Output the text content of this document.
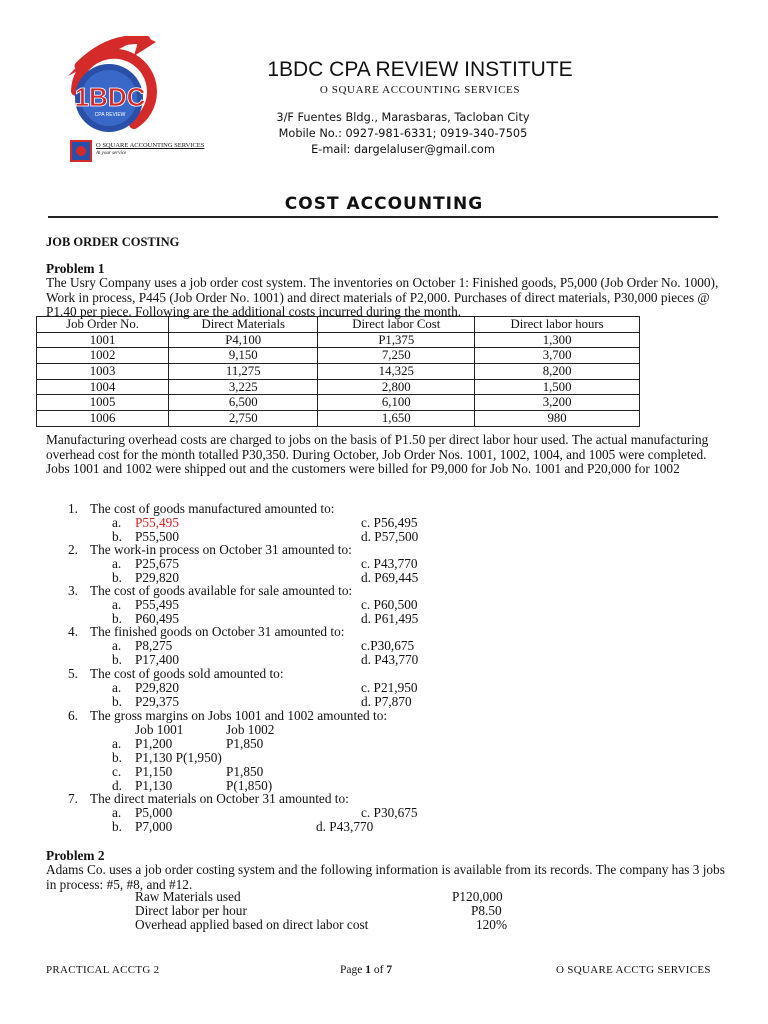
1BDC
CPA REVIEW
O SQUARE ACCOUNTING SERVICES
At your service
1BDC CPA REVIEW INSTITUTE
O SQUARE ACCOUNTING SERVICES
3/F Fuentes Bldg., Marasbaras, Tacloban City
Mobile No.: 0927-981-6331; 0919-340-7505
E-mail: dargelaluser@gmail.com
COST ACCOUNTING
JOB ORDER COSTING
Problem 1
The Usry Company uses a job order cost system. The inventories on October 1: Finished goods, P5,000 (Job Order No. 1000), Work in process, P445 (Job Order No. 1001) and direct materials of P2,000. Purchases of direct materials, P30,000 pieces @ P1.40 per piece. Following are the additional costs incurred during the month.
Job Order No.	Direct Materials	Direct labor Cost	Direct labor hours
1001	P4,100	P1,375	1,300
1002	9,150	7,250	3,700
1003	11,275	14,325	8,200
1004	3,225	2,800	1,500
1005	6,500	6,100	3,200
1006	2,750	1,650	980
Manufacturing overhead costs are charged to jobs on the basis of P1.50 per direct labor hour used. The actual manufacturing overhead cost for the month totalled P30,350. During October, Job Order Nos. 1001, 1002, 1004, and 1005 were completed. Jobs 1001 and 1002 were shipped out and the customers were billed for P9,000 for Job No. 1001 and P20,000 for 1002
1. The cost of goods manufactured amounted to:
a. P55,495	c. P56,495
b. P55,500	d. P57,500
2. The work-in process on October 31 amounted to:
a. P25,675	c. P43,770
b. P29,820	d. P69,445
3. The cost of goods available for sale amounted to:
a. P55,495	c. P60,500
b. P60,495	d. P61,495
4. The finished goods on October 31 amounted to:
a. P8,275	c.P30,675
b. P17,400	d. P43,770
5. The cost of goods sold amounted to:
a. P29,820	c. P21,950
b. P29,375	d. P7,870
6. The gross margins on Jobs 1001 and 1002 amounted to:
Job 1001	Job 1002
a. P1,200	P1,850
b. P1,130 P(1,950)
c. P1,150	P1,850
d. P1,130	P(1,850)
7. The direct materials on October 31 amounted to:
a. P5,000	c. P30,675
b. P7,000	d. P43,770
Problem 2
Adams Co. uses a job order costing system and the following information is available from its records. The company has 3 jobs in process: #5, #8, and #12.
Raw Materials used	P120,000
Direct labor per hour	P8.50
Overhead applied based on direct labor cost	120%
PRACTICAL ACCTG 2	Page 1 of 7	O SQUARE ACCTG SERVICES
